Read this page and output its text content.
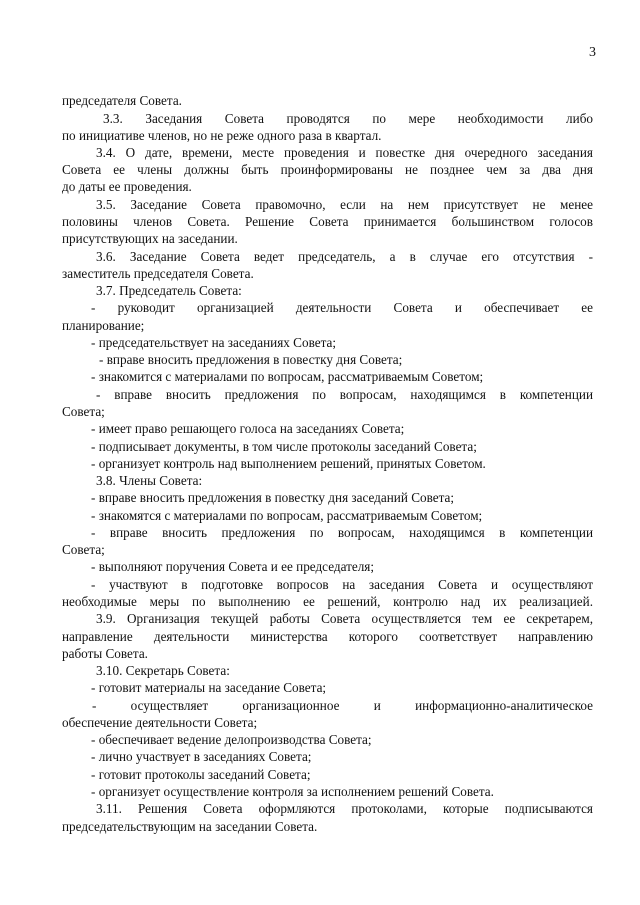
3
председателя Совета.
3.3. Заседания Совета проводятся по мере необходимости либо
по инициативе членов, но не реже одного раза в квартал.
3.4. О дате, времени, месте проведения и повестке дня очередного заседания
Совета ее члены должны быть проинформированы не позднее чем за два дня
до даты ее проведения.
3.5. Заседание Совета правомочно, если на нем присутствует не менее
половины членов Совета. Решение Совета принимается большинством голосов
присутствующих на заседании.
3.6. Заседание Совета ведет председатель, а в случае его отсутствия -
заместитель председателя Совета.
3.7. Председатель Совета:
- руководит организацией деятельности Совета и обеспечивает ее
планирование;
- председательствует на заседаниях Совета;
- вправе вносить предложения в повестку дня Совета;
- знакомится с материалами по вопросам, рассматриваемым Советом;
- вправе вносить предложения по вопросам, находящимся в компетенции
Совета;
- имеет право решающего голоса на заседаниях Совета;
- подписывает документы, в том числе протоколы заседаний Совета;
- организует контроль над выполнением решений, принятых Советом.
3.8. Члены Совета:
- вправе вносить предложения в повестку дня заседаний Совета;
- знакомятся с материалами по вопросам, рассматриваемым Советом;
- вправе вносить предложения по вопросам, находящимся в компетенции
Совета;
- выполняют поручения Совета и ее председателя;
- участвуют в подготовке вопросов на заседания Совета и осуществляют
необходимые меры по выполнению ее решений, контролю над их реализацией.
3.9. Организация текущей работы Совета осуществляется тем ее секретарем,
направление деятельности министерства которого соответствует направлению
работы Совета.
3.10. Секретарь Совета:
- готовит материалы на заседание Совета;
- осуществляет организационное и информационно-аналитическое
обеспечение деятельности Совета;
- обеспечивает ведение делопроизводства Совета;
- лично участвует в заседаниях Совета;
- готовит протоколы заседаний Совета;
- организует осуществление контроля за исполнением решений Совета.
3.11. Решения Совета оформляются протоколами, которые подписываются
председательствующим на заседании Совета.
